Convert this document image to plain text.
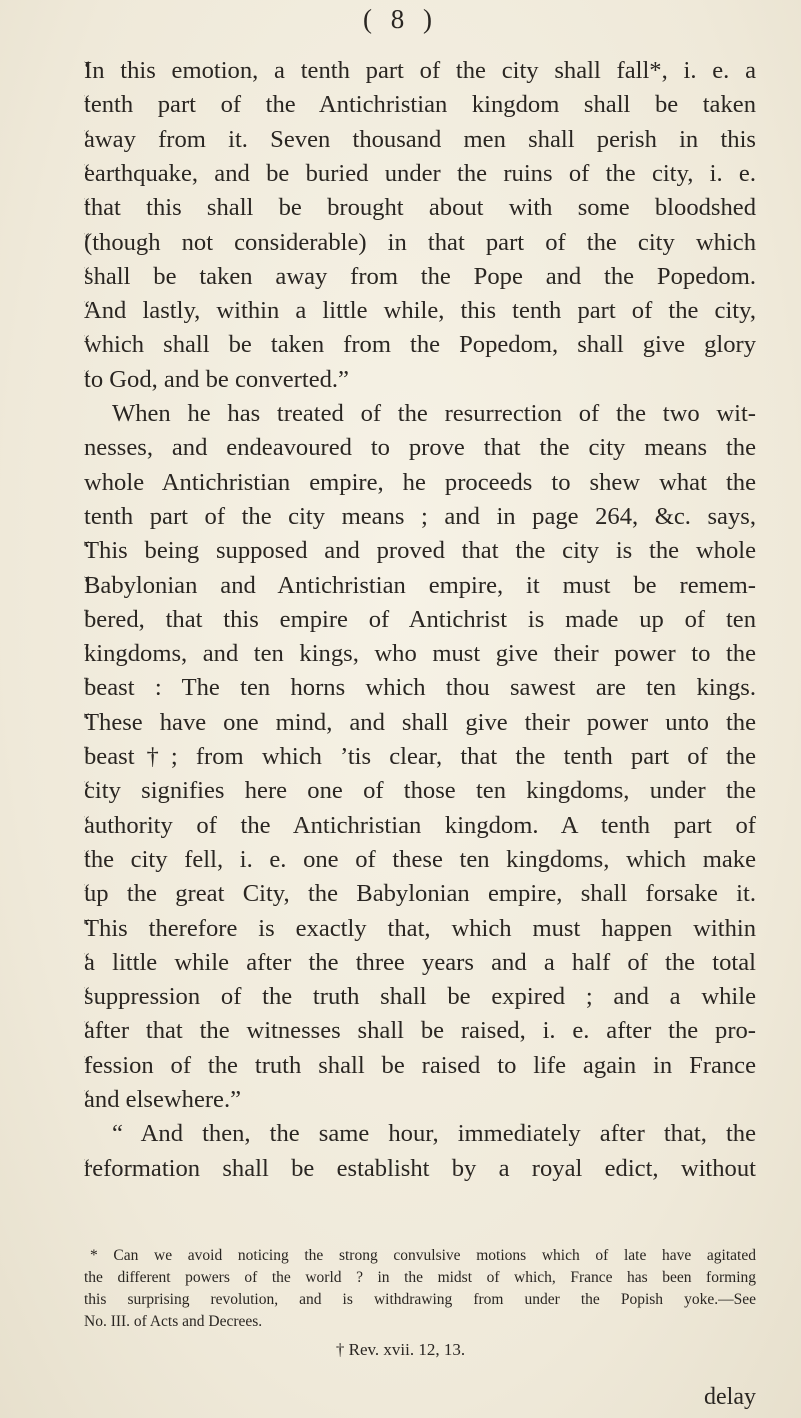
( 8 )
“ In this emotion, a tenth part of the city shall fall*, i. e. a
“ tenth part of the Antichristian kingdom shall be taken
“ away from it. Seven thousand men shall perish in this
“ earthquake, and be buried under the ruins of the city, i. e.
“ that this shall be brought about with some bloodshed
“ (though not considerable) in that part of the city which
“ shall be taken away from the Pope and the Popedom.
“ And lastly, within a little while, this tenth part of the city,
“ which shall be taken from the Popedom, shall give glory
“ to God, and be converted.”
When he has treated of the resurrection of the two wit-
nesses, and endeavoured to prove that the city means the
whole Antichristian empire, he proceeds to shew what the
tenth part of the city means ; and in page 264, &c. says,
“ This being supposed and proved that the city is the whole
“ Babylonian and Antichristian empire, it must be remem-
“ bered, that this empire of Antichrist is made up of ten
“ kingdoms, and ten kings, who must give their power to the
“ beast : The ten horns which thou sawest are ten kings.
“ These have one mind, and shall give their power unto the
“ beast†; from which ’tis clear, that the tenth part of the
“ city signifies here one of those ten kingdoms, under the
“ authority of the Antichristian kingdom. A tenth part of
“ the city fell, i. e. one of these ten kingdoms, which make
“ up the great City, the Babylonian empire, shall forsake it.
“ This therefore is exactly that, which must happen within
“ a little while after the three years and a half of the total
“ suppression of the truth shall be expired ; and a while
“ after that the witnesses shall be raised, i. e. after the pro-
“ fession of the truth shall be raised to life again in France
“ and elsewhere.”
“ And then, the same hour, immediately after that, the
“ reformation shall be establisht by a royal edict, without
* Can we avoid noticing the strong convulsive motions which of late have agitated
the different powers of the world ? in the midst of which, France has been forming
this surprising revolution, and is withdrawing from under the Popish yoke.—See
No. III. of Acts and Decrees.
† Rev. xvii. 12, 13.
delay
